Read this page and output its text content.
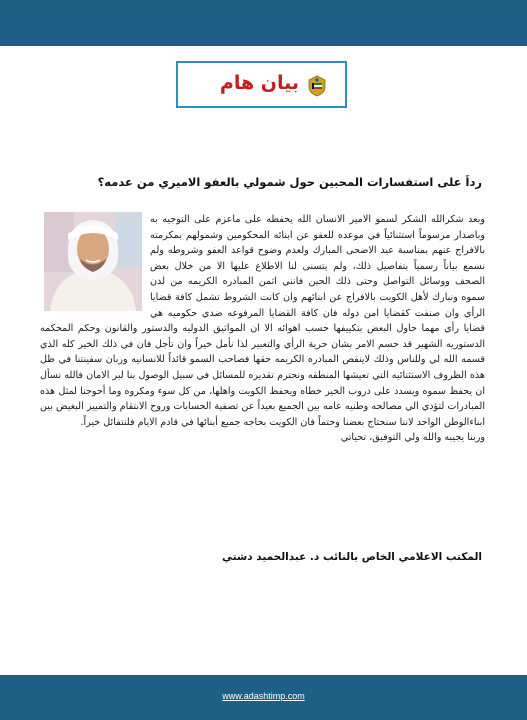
بيان هام
رداً على استفسارات المحبين حول شمولي بالعفو الاميري من عدمه؟

وبعد شكرالله الشكر لسمو الامير الانسان الله يحفظه على ماعزم على التوجيه به وباصدار مرسوماً استثنائياً في موعده للعفو عن ابنائه المحكومين وشمولهم بمكرمته بالافراج عنهم بمناسبة عيد الاضحى المبارك ولعدم وضوح قواعد العفو وشروطه ولم نسمع بياناً رسمياً بتفاصيل ذلك، ولم يتسنى لنا الاطلاع عليها الا من خلال بعض الصحف ووسائل التواصل وحتى ذلك الحين فانني اثمن المبادره الكريمه من لدن سموه ونبارك لأهل الكويت بالافراج عن ابنائهم وان كانت الشروط تشمل كافة قضايا الرأي وان صنفت كقضايا امن دوله فان كافة القضايا المرفوعه ضدي حكوميه هي قضايا رأي مهما حاول البعض بتكييفها حسب اهوائه الا ان المواثيق الدوليه والدستور والقانون وحكم المحكمه الدستوريه الشهير قد حسم الامر بشان حرية الرأي والتعبير لذا نأمل خيراً وان تأجل فان في ذلك الخير كله الذي قسمه الله لي وللناس وذلك لاينقص المبادره الكريمه حقها فصاحب السمو قائداً للانسانيه وربان سفينتنا في ظل هذه الظروف الاستثنائيه التي تعيشها المنطقه ونحترم تقديره للمسائل في سبيل الوصول بنا لبر الامان فالله نسأل ان يحفظ سموه ويسدد على دروب الخير خطاه ويحفظ الكويت واهلها، من كل سوء ومكروه وما أحوجنا لمثل هذه المبادرات لتؤدي الي مصالحه وطنيه عامه بين الجميع بعيداً عن تصفية الحسابات وروح الانتقام والتمييز البغيض بين ابناءالوطن الواحد لاننا سنحتاج بعضنا وحتماً فان الكويت بحاجه جميع أبنائها في قادم الايام فلنتفائل خيراً.

وربنا يجيبه والله ولي التوفيق، تحياتي

المكتب الاعلامي الخاص بالنائب د. عبدالحميد دشتي
www.adashtimp.com
